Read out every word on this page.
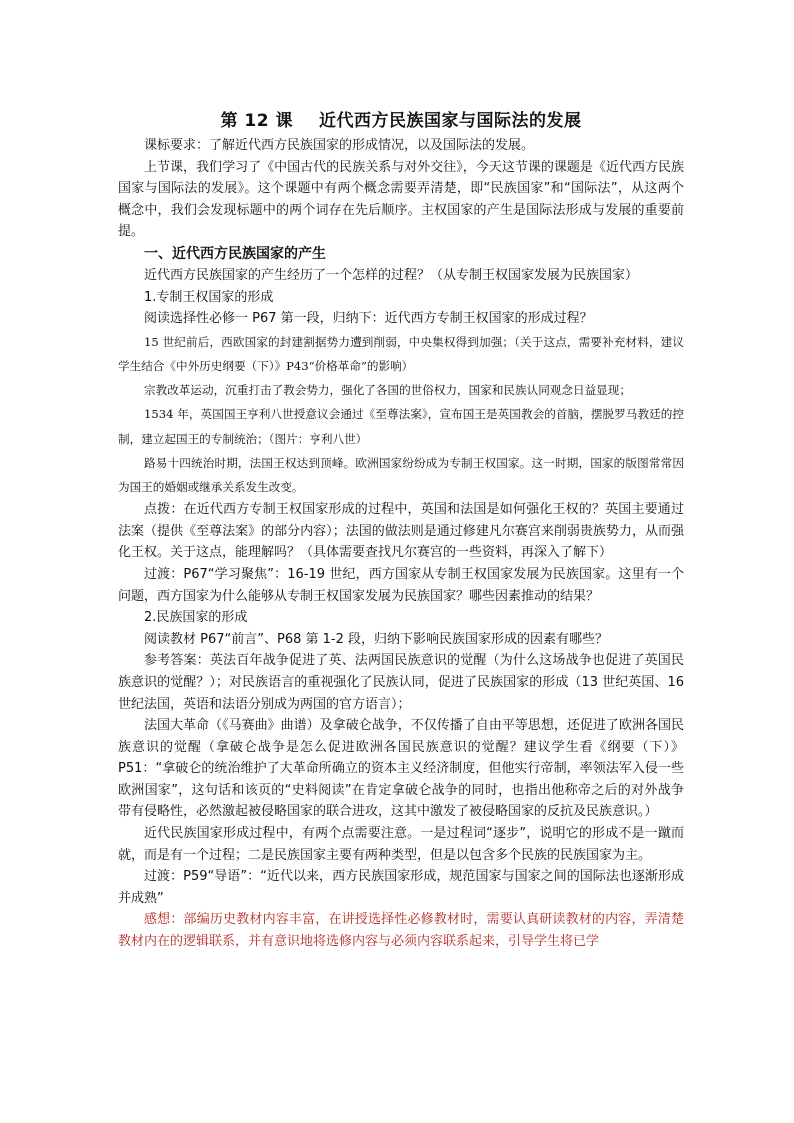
第 12 课 近代西方民族国家与国际法的发展

课标要求：了解近代西方民族国家的形成情况，以及国际法的发展。

上节课，我们学习了《中国古代的民族关系与对外交往》，今天这节课的课题是《近代西方民族国家与国际法的发展》。这个课题中有两个概念需要弄清楚，即“民族国家”和“国际法”，从这两个概念中，我们会发现标题中的两个词存在先后顺序。主权国家的产生是国际法形成与发展的重要前提。

一、近代西方民族国家的产生

近代西方民族国家的产生经历了一个怎样的过程？（从专制王权国家发展为民族国家）

1.专制王权国家的形成

阅读选择性必修一 P67 第一段，归纳下：近代西方专制王权国家的形成过程？

15 世纪前后，西欧国家的封建割据势力遭到削弱，中央集权得到加强；（关于这点，需要补充材料，建议学生结合《中外历史纲要（下）》P43“价格革命”的影响）

宗教改革运动，沉重打击了教会势力，强化了各国的世俗权力，国家和民族认同观念日益显现；

1534 年，英国国王亨利八世授意议会通过《至尊法案》，宣布国王是英国教会的首脑，摆脱罗马教廷的控制，建立起国王的专制统治；（图片：亨利八世）

路易十四统治时期，法国王权达到顶峰。欧洲国家纷纷成为专制王权国家。这一时期，国家的版图常常因为国王的婚姻或继承关系发生改变。

点拨：在近代西方专制王权国家形成的过程中，英国和法国是如何强化王权的？英国主要通过法案（提供《至尊法案》的部分内容）；法国的做法则是通过修建凡尔赛宫来削弱贵族势力，从而强化王权。关于这点，能理解吗？（具体需要查找凡尔赛宫的一些资料，再深入了解下）

过渡：P67“学习聚焦”：16-19 世纪，西方国家从专制王权国家发展为民族国家。这里有一个问题，西方国家为什么能够从专制王权国家发展为民族国家？哪些因素推动的结果？

2.民族国家的形成

阅读教材 P67“前言”、P68 第 1-2 段，归纳下影响民族国家形成的因素有哪些？

参考答案：英法百年战争促进了英、法两国民族意识的觉醒（为什么这场战争也促进了英国民族意识的觉醒？）；对民族语言的重视强化了民族认同，促进了民族国家的形成（13 世纪英国、16 世纪法国，英语和法语分别成为两国的官方语言）；

法国大革命（《马赛曲》曲谱）及拿破仑战争，不仅传播了自由平等思想，还促进了欧洲各国民族意识的觉醒（拿破仑战争是怎么促进欧洲各国民族意识的觉醒？建议学生看《纲要（下）》P51：“拿破仑的统治维护了大革命所确立的资本主义经济制度，但他实行帝制，率领法军入侵一些欧洲国家”，这句话和该页的“史料阅读”在肯定拿破仑战争的同时，也指出他称帝之后的对外战争带有侵略性，必然激起被侵略国家的联合进攻，这其中激发了被侵略国家的反抗及民族意识。）

近代民族国家形成过程中，有两个点需要注意。一是过程词“逐步”，说明它的形成不是一蹴而就，而是有一个过程；二是民族国家主要有两种类型，但是以包含多个民族的民族国家为主。

过渡：P59“导语”：“近代以来，西方民族国家形成，规范国家与国家之间的国际法也逐渐形成并成熟”

感想：部编历史教材内容丰富，在讲授选择性必修教材时，需要认真研读教材的内容，弄清楚教材内在的逻辑联系，并有意识地将选修内容与必须内容联系起来，引导学生将已学
